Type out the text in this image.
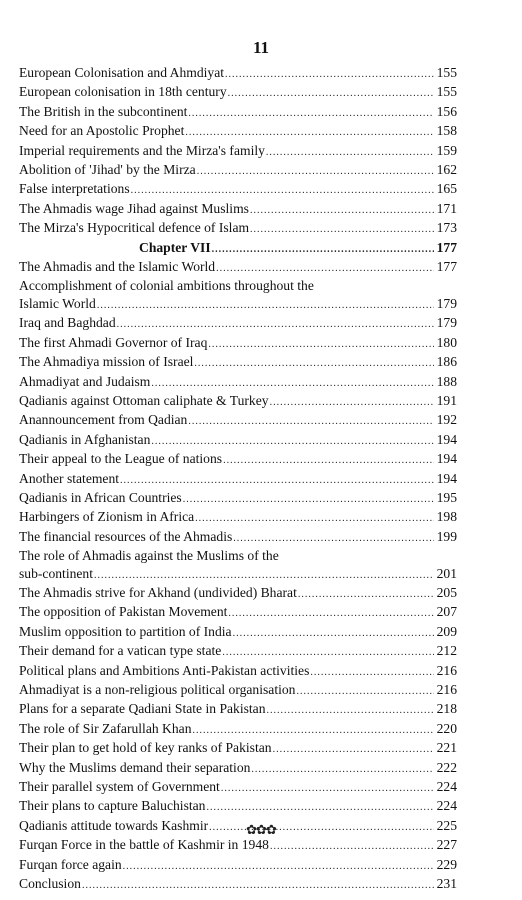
11
European Colonisation and Ahmdiyat .....	155
European colonisation in 18th century .....	155
The British in the subcontinent .....	156
Need for an Apostolic Prophet .....	158
Imperial requirements and the Mirza's family .....	159
Abolition of 'Jihad' by the Mirza .....	162
False interpretations .....	165
The Ahmadis wage Jihad against Muslims .....	171
The Mirza's Hypocritical defence of Islam .....	173
Chapter VII .....	177
The Ahmadis and the Islamic World .....	177
Accomplishment of colonial ambitions throughout the
Islamic World .....	179
Iraq and Baghdad .....	179
The first Ahmadi Governor of Iraq .....	180
The Ahmadiya mission of Israel .....	186
Ahmadiyat and Judaism .....	188
Qadianis against Ottoman caliphate & Turkey .....	191
Anannouncement from Qadian .....	192
Qadianis in Afghanistan .....	194
Their appeal to the League of nations .....	194
Another statement .....	194
Qadianis in African Countries .....	195
Harbingers of Zionism in Africa .....	198
The financial resources of the Ahmadis .....	199
The role of Ahmadis against the Muslims of the
sub-continent .....	201
The Ahmadis strive for Akhand (undivided) Bharat .....	205
The opposition of Pakistan Movement .....	207
Muslim opposition to partition of India .....	209
Their demand for a vatican type state .....	212
Political plans and Ambitions Anti-Pakistan activities .....	216
Ahmadiyat is a non-religious political organisation .....	216
Plans for a separate Qadiani State in Pakistan .....	218
The role of Sir Zafarullah Khan .....	220
Their plan to get hold of key ranks of Pakistan .....	221
Why the Muslims demand their separation .....	222
Their parallel system of Government .....	224
Their plans to capture Baluchistan .....	224
Qadianis attitude towards Kashmir .....	225
Furqan Force in the battle of Kashmir in 1948 .....	227
Furqan force again .....	229
Conclusion .....	231
✿✿✿
